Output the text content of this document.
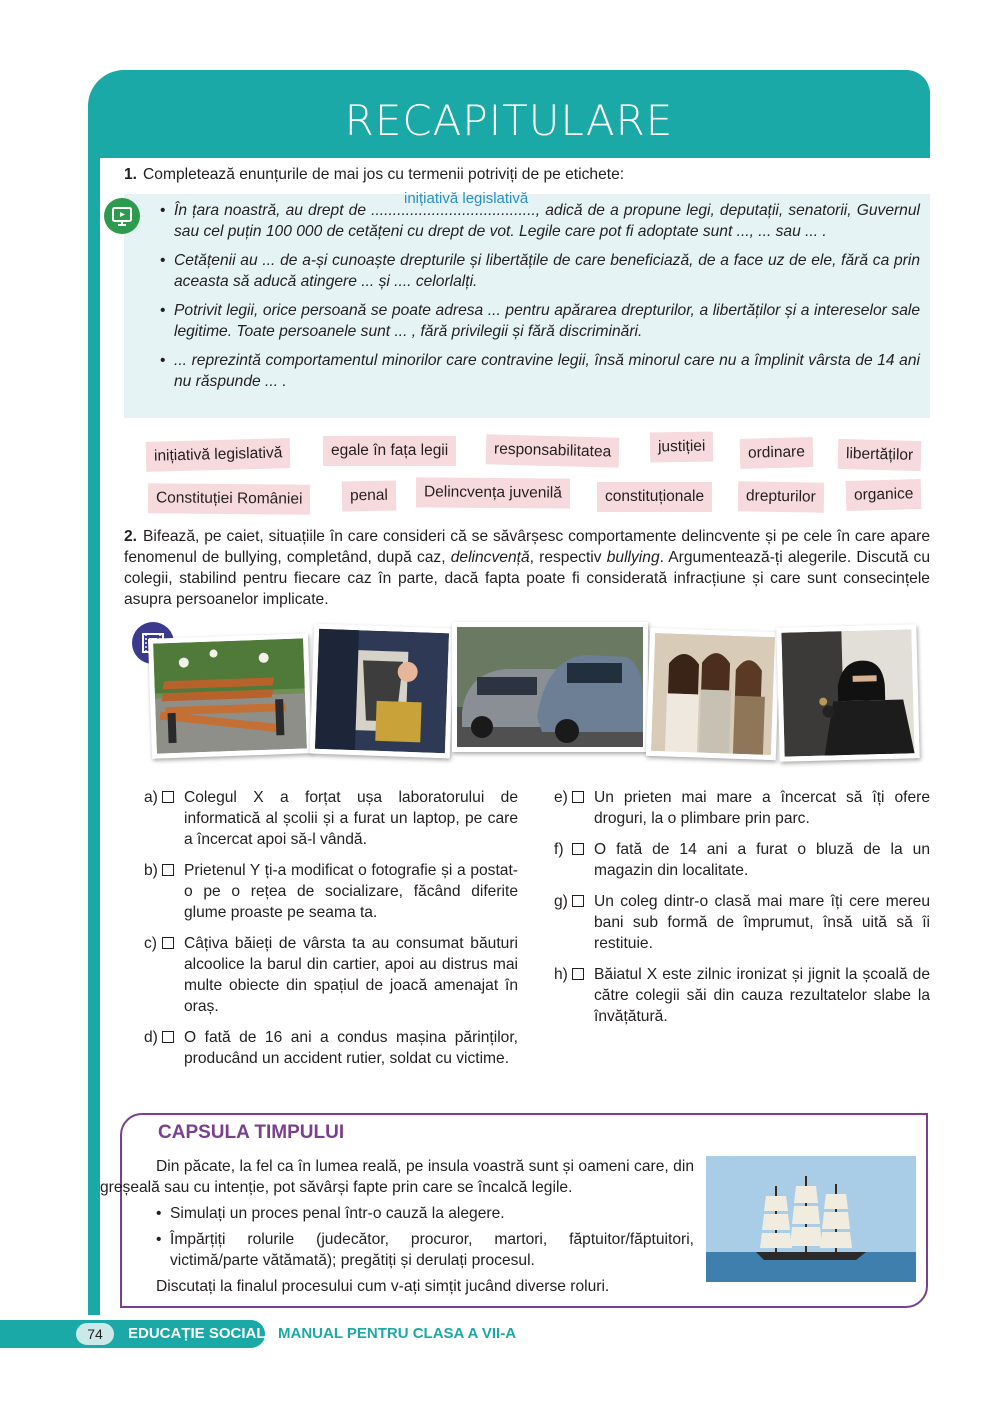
RECAPITULARE
1. Completează enunțurile de mai jos cu termenii potriviți de pe etichete:
• În țara noastră, au drept de ......................................, adică de a propune legi, deputații, senatorii, Guvernul sau cel puțin 100 000 de cetățeni cu drept de vot. Legile care pot fi adoptate sunt ..., ... sau ... .
• Cetățenii au ... de a-și cunoaște drepturile și libertățile de care beneficiază, de a face uz de ele, fără ca prin aceasta să aducă atingere ... și .... celorlalți.
• Potrivit legii, orice persoană se poate adresa ... pentru apărarea drepturilor, a libertăților și a intereselor sale legitime. Toate persoanele sunt ... , fără privilegii și fără discriminări.
• ... reprezintă comportamentul minorilor care contravine legii, însă minorul care nu a împlinit vârsta de 14 ani nu răspunde ... .
inițiativă legislativă
inițiativă legislativă	egale în fața legii	responsabilitatea	justiției	ordinare	libertăților
Constituției României	penal	Delincvența juvenilă	constituționale	drepturilor	organice
2. Bifează, pe caiet, situațiile în care consideri că se săvârșesc comportamente delincvente și pe cele în care apare fenomenul de bullying, completând, după caz, delincvență, respectiv bullying. Argumentează-ți alegerile. Discută cu colegii, stabilind pentru fiecare caz în parte, dacă fapta poate fi considerată infracțiune și care sunt consecințele asupra persoanelor implicate.
a) Colegul X a forțat ușa laboratorului de informatică al școlii și a furat un laptop, pe care a încercat apoi să-l vândă.
b) Prietenul Y ți-a modificat o fotografie și a postat-o pe o rețea de socializare, făcând diferite glume proaste pe seama ta.
c) Câțiva băieți de vârsta ta au consumat băuturi alcoolice la barul din cartier, apoi au distrus mai multe obiecte din spațiul de joacă amenajat în oraș.
d) O fată de 16 ani a condus mașina părinților, producând un accident rutier, soldat cu victime.
e) Un prieten mai mare a încercat să îți ofere droguri, la o plimbare prin parc.
f) O fată de 14 ani a furat o bluză de la un magazin din localitate.
g) Un coleg dintr-o clasă mai mare îți cere mereu bani sub formă de împrumut, însă uită să îi restituie.
h) Băiatul X este zilnic ironizat și jignit la școală de către colegii săi din cauza rezultatelor slabe la învățătură.
CAPSULA TIMPULUI

Din păcate, la fel ca în lumea reală, pe insula voastră sunt și oameni care, din greșeală sau cu intenție, pot săvârși fapte prin care se încalcă legile.

• Simulați un proces penal într-o cauză la alegere.
• Împărțiți rolurile (judecător, procuror, martori, făptuitor/făptuitori, victimă/parte vătămată); pregătiți și derulați procesul.

Discutați la finalul procesului cum v-ați simțit jucând diverse roluri.

74	EDUCAȚIE SOCIALĂ MANUAL PENTRU CLASA A VII-A
